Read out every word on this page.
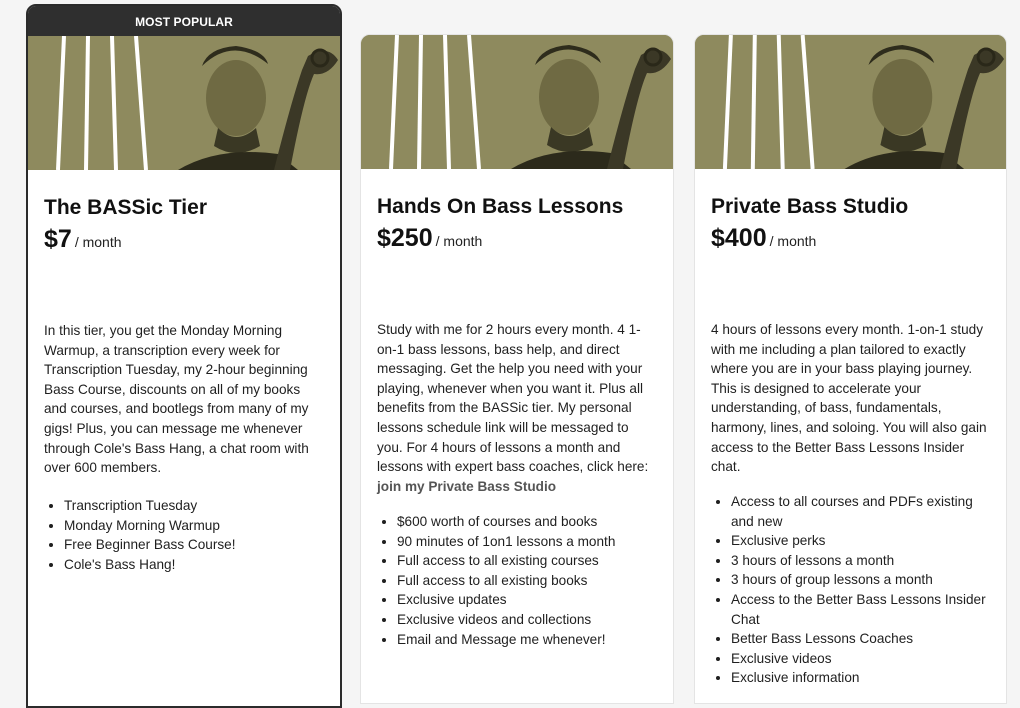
MOST POPULAR
The BASSic Tier
$7 / month

In this tier, you get the Monday Morning Warmup, a transcription every week for Transcription Tuesday, my 2-hour beginning Bass Course, discounts on all of my books and courses, and bootlegs from many of my gigs! Plus, you can message me whenever through Cole's Bass Hang, a chat room with over 600 members.

• Transcription Tuesday
• Monday Morning Warmup
• Free Beginner Bass Course!
• Cole's Bass Hang!
Hands On Bass Lessons
$250 / month

Study with me for 2 hours every month. 4 1-on-1 bass lessons, bass help, and direct messaging. Get the help you need with your playing, whenever when you want it. Plus all benefits from the BASSic tier. My personal lessons schedule link will be messaged to you. For 4 hours of lessons a month and lessons with expert bass coaches, click here: join my Private Bass Studio

• $600 worth of courses and books
• 90 minutes of 1on1 lessons a month
• Full access to all existing courses
• Full access to all existing books
• Exclusive updates
• Exclusive videos and collections
• Email and Message me whenever!
Private Bass Studio
$400 / month

4 hours of lessons every month. 1-on-1 study with me including a plan tailored to exactly where you are in your bass playing journey. This is designed to accelerate your understanding, of bass, fundamentals, harmony, lines, and soloing. You will also gain access to the Better Bass Lessons Insider chat.

• Access to all courses and PDFs existing and new
• Exclusive perks
• 3 hours of lessons a month
• 3 hours of group lessons a month
• Access to the Better Bass Lessons Insider Chat
• Better Bass Lessons Coaches
• Exclusive videos
• Exclusive information
